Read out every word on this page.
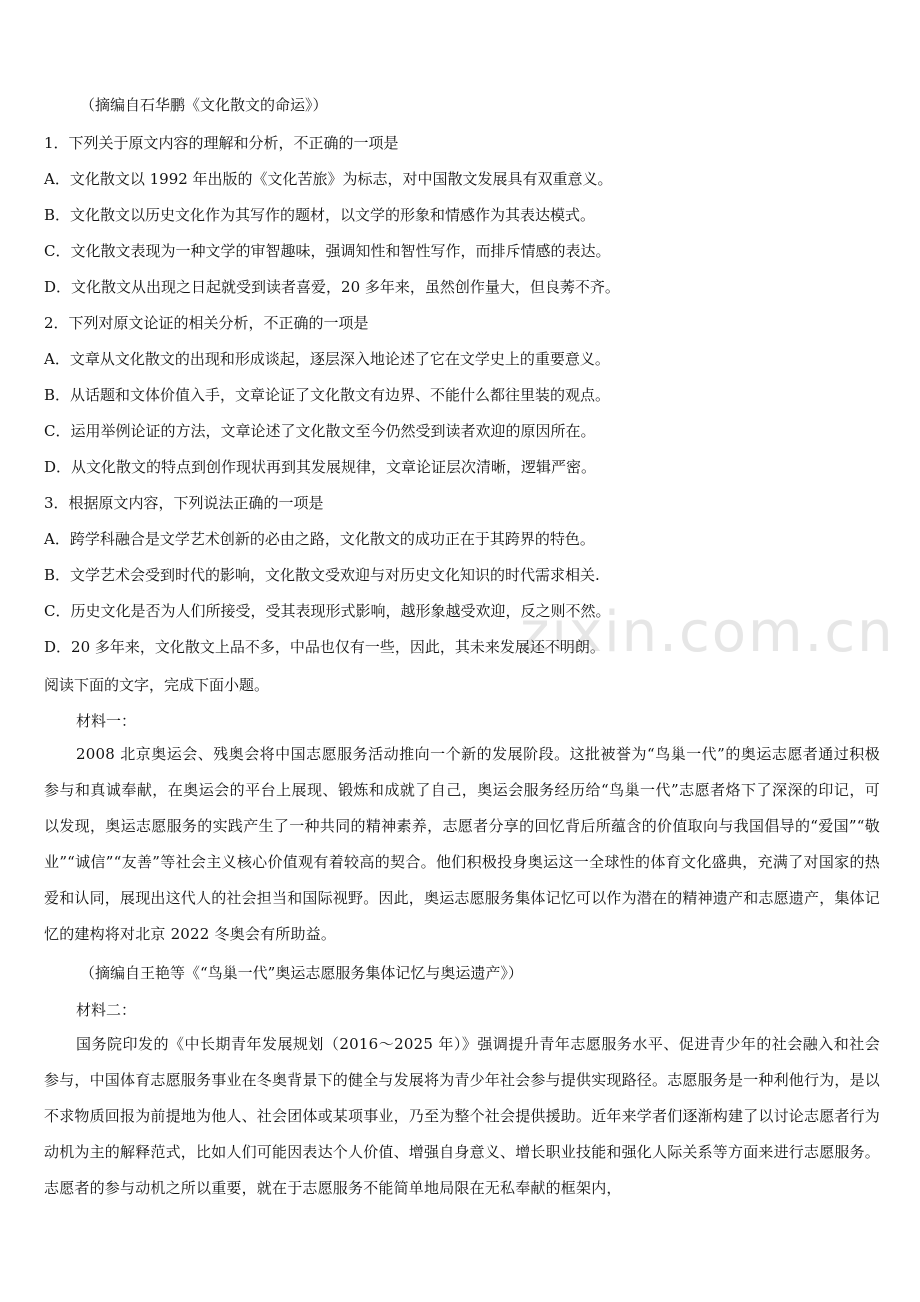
zixin.com.cn
（摘编自石华鹏《文化散文的命运》）
1．下列关于原文内容的理解和分析，不正确的一项是
A．文化散文以 1992 年出版的《文化苦旅》为标志，对中国散文发展具有双重意义。
B．文化散文以历史文化作为其写作的题材，以文学的形象和情感作为其表达模式。
C．文化散文表现为一种文学的审智趣味，强调知性和智性写作，而排斥情感的表达。
D．文化散文从出现之日起就受到读者喜爱，20 多年来，虽然创作量大，但良莠不齐。
2．下列对原文论证的相关分析，不正确的一项是
A．文章从文化散文的出现和形成谈起，逐层深入地论述了它在文学史上的重要意义。
B．从话题和文体价值入手，文章论证了文化散文有边界、不能什么都往里装的观点。
C．运用举例论证的方法，文章论述了文化散文至今仍然受到读者欢迎的原因所在。
D．从文化散文的特点到创作现状再到其发展规律，文章论证层次清晰，逻辑严密。
3．根据原文内容，下列说法正确的一项是
A．跨学科融合是文学艺术创新的必由之路，文化散文的成功正在于其跨界的特色。
B．文学艺术会受到时代的影响，文化散文受欢迎与对历史文化知识的时代需求相关.
C．历史文化是否为人们所接受，受其表现形式影响，越形象越受欢迎，反之则不然。
D．20 多年来，文化散文上品不多，中品也仅有一些，因此，其未来发展还不明朗。
阅读下面的文字，完成下面小题。
材料一：
2008 北京奥运会、残奥会将中国志愿服务活动推向一个新的发展阶段。这批被誉为“鸟巢一代”的奥运志愿者通过积极参与和真诚奉献，在奥运会的平台上展现、锻炼和成就了自己，奥运会服务经历给“鸟巢一代”志愿者烙下了深深的印记，可以发现，奥运志愿服务的实践产生了一种共同的精神素养，志愿者分享的回忆背后所蕴含的价值取向与我国倡导的“爱国”“敬业”“诚信”“友善”等社会主义核心价值观有着较高的契合。他们积极投身奥运这一全球性的体育文化盛典，充满了对国家的热爱和认同，展现出这代人的社会担当和国际视野。因此，奥运志愿服务集体记忆可以作为潜在的精神遗产和志愿遗产，集体记忆的建构将对北京 2022 冬奥会有所助益。
（摘编自王艳等《“鸟巢一代”奥运志愿服务集体记忆与奥运遗产》）
材料二：
国务院印发的《中长期青年发展规划（2016～2025 年）》强调提升青年志愿服务水平、促进青少年的社会融入和社会参与，中国体育志愿服务事业在冬奥背景下的健全与发展将为青少年社会参与提供实现路径。志愿服务是一种利他行为，是以不求物质回报为前提地为他人、社会团体或某项事业，乃至为整个社会提供援助。近年来学者们逐渐构建了以讨论志愿者行为动机为主的解释范式，比如人们可能因表达个人价值、增强自身意义、增长职业技能和强化人际关系等方面来进行志愿服务。志愿者的参与动机之所以重要，就在于志愿服务不能简单地局限在无私奉献的框架内，
